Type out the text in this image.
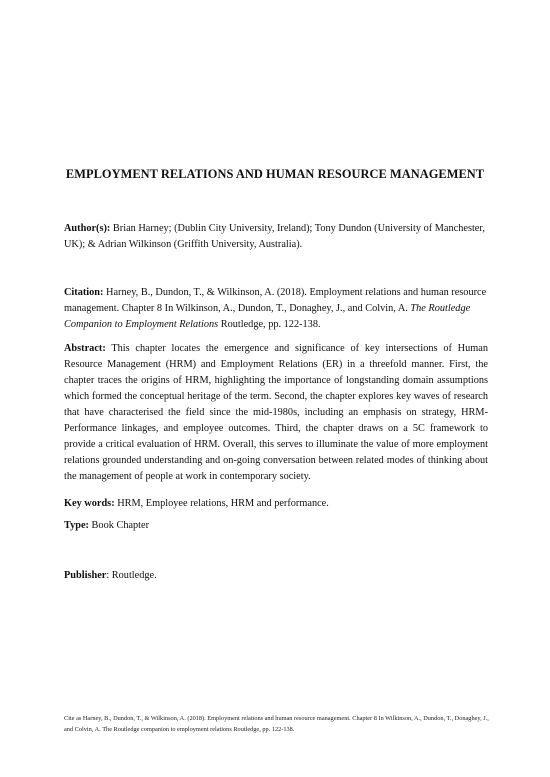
EMPLOYMENT RELATIONS AND HUMAN RESOURCE MANAGEMENT
Author(s): Brian Harney; (Dublin City University, Ireland); Tony Dundon (University of Manchester, UK); & Adrian Wilkinson (Griffith University, Australia).
Citation: Harney, B., Dundon, T., & Wilkinson, A. (2018). Employment relations and human resource management. Chapter 8 In Wilkinson, A., Dundon, T., Donaghey, J., and Colvin, A. The Routledge Companion to Employment Relations Routledge, pp. 122-138.
Abstract: This chapter locates the emergence and significance of key intersections of Human Resource Management (HRM) and Employment Relations (ER) in a threefold manner. First, the chapter traces the origins of HRM, highlighting the importance of longstanding domain assumptions which formed the conceptual heritage of the term. Second, the chapter explores key waves of research that have characterised the field since the mid-1980s, including an emphasis on strategy, HRM-Performance linkages, and employee outcomes. Third, the chapter draws on a 5C framework to provide a critical evaluation of HRM. Overall, this serves to illuminate the value of more employment relations grounded understanding and on-going conversation between related modes of thinking about the management of people at work in contemporary society.
Key words: HRM, Employee relations, HRM and performance.
Type: Book Chapter
Publisher: Routledge.
Cite as Harney, B., Dundon, T., & Wilkinson, A. (2018). Employment relations and human resource management. Chapter 8 In Wilkinson, A., Dundon, T., Donaghey, J., and Colvin, A. The Routledge companion to employment relations Routledge, pp. 122-138.
